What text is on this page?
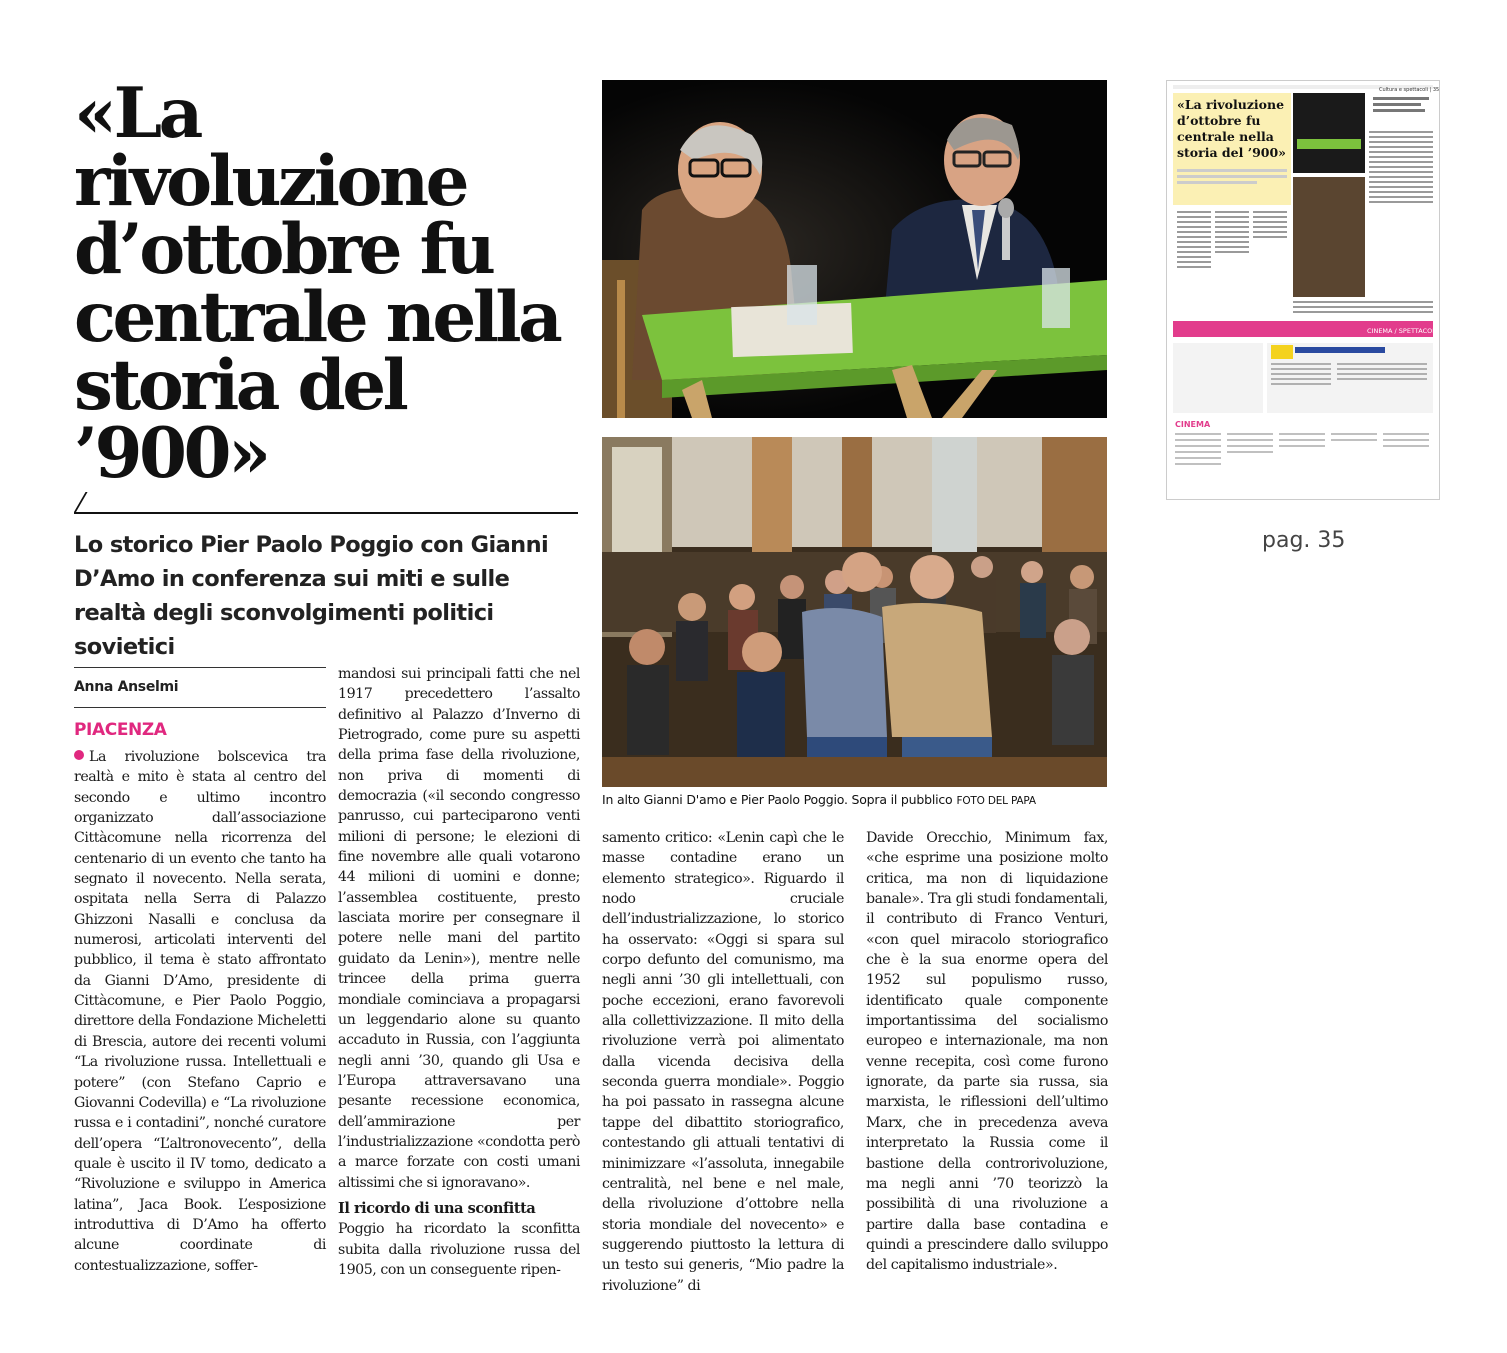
«La rivoluzione d’ottobre fu centrale nella storia del ’900»
Lo storico Pier Paolo Poggio con Gianni D’Amo in conferenza sui miti e sulle realtà degli sconvolgimenti politici sovietici
Anna Anselmi
PIACENZA

La rivoluzione bolscevica tra realtà e mito è stata al centro del secondo e ultimo incontro organizzato dall’associazione Cittàcomune nella ricorrenza del centenario di un evento che tanto ha segnato il novecento. Nella serata, ospitata nella Serra di Palazzo Ghizzoni Nasalli e conclusa da numerosi, articolati interventi del pubblico, il tema è stato affrontato da Gianni D’Amo, presidente di Cittàcomune, e Pier Paolo Poggio, direttore della Fondazione Micheletti di Brescia, autore dei recenti volumi “La rivoluzione russa. Intellettuali e potere” (con Stefano Caprio e Giovanni Codevilla) e “La rivoluzione russa e i contadini”, nonché curatore dell’opera “L’altronovecento”, della quale è uscito il IV tomo, dedicato a “Rivoluzione e sviluppo in America latina”, Jaca Book. L’esposizione introduttiva di D’Amo ha offerto alcune coordinate di contestualizzazione, soffer-

mandosi sui principali fatti che nel 1917 precedettero l’assalto definitivo al Palazzo d’Inverno di Pietrogrado, come pure su aspetti della prima fase della rivoluzione, non priva di momenti di democrazia («il secondo congresso panrusso, cui parteciparono venti milioni di persone; le elezioni di fine novembre alle quali votarono 44 milioni di uomini e donne; l’assemblea costituente, presto lasciata morire per consegnare il potere nelle mani del partito guidato da Lenin»), mentre nelle trincee della prima guerra mondiale cominciava a propagarsi un leggendario alone su quanto accaduto in Russia, con l’aggiunta negli anni ’30, quando gli Usa e l’Europa attraversavano una pesante recessione economica, dell’ammirazione per l’industrializzazione «condotta però a marce forzate con costi umani altissimi che si ignoravano».

Il ricordo di una sconfitta

Poggio ha ricordato la sconfitta subita dalla rivoluzione russa del 1905, con un conseguente ripen-

samento critico: «Lenin capì che le masse contadine erano un elemento strategico». Riguardo il nodo cruciale dell’industrializzazione, lo storico ha osservato: «Oggi si spara sul corpo defunto del comunismo, ma negli anni ’30 gli intellettuali, con poche eccezioni, erano favorevoli alla collettivizzazione. Il mito della rivoluzione verrà poi alimentato dalla vicenda decisiva della seconda guerra mondiale». Poggio ha poi passato in rassegna alcune tappe del dibattito storiografico, contestando gli attuali tentativi di minimizzare «l’assoluta, innegabile centralità, nel bene e nel male, della rivoluzione d’ottobre nella storia mondiale del novecento» e suggerendo piuttosto la lettura di un testo sui generis, “Mio padre la rivoluzione” di

Davide Orecchio, Minimum fax, «che esprime una posizione molto critica, ma non di liquidazione banale». Tra gli studi fondamentali, il contributo di Franco Venturi, «con quel miracolo storiografico che è la sua enorme opera del 1952 sul populismo russo, identificato quale componente importantissima del socialismo europeo e internazionale, ma non venne recepita, così come furono ignorate, da parte sia russa, sia marxista, le riflessioni dell’ultimo Marx, che in precedenza aveva interpretato la Russia come il bastione della controrivoluzione, ma negli anni ’70 teorizzò la possibilità di una rivoluzione a partire dalla base contadina e quindi a prescindere dallo sviluppo del capitalismo industriale».

In alto Gianni D'amo e Pier Paolo Poggio. Sopra il pubblico FOTO DEL PAPA
Cultura e spettacoli | 35
«La rivoluzione d’ottobre fu centrale nella storia del ’900»
CINEMA / SPETTACOLI
CINEMA
pag. 35
